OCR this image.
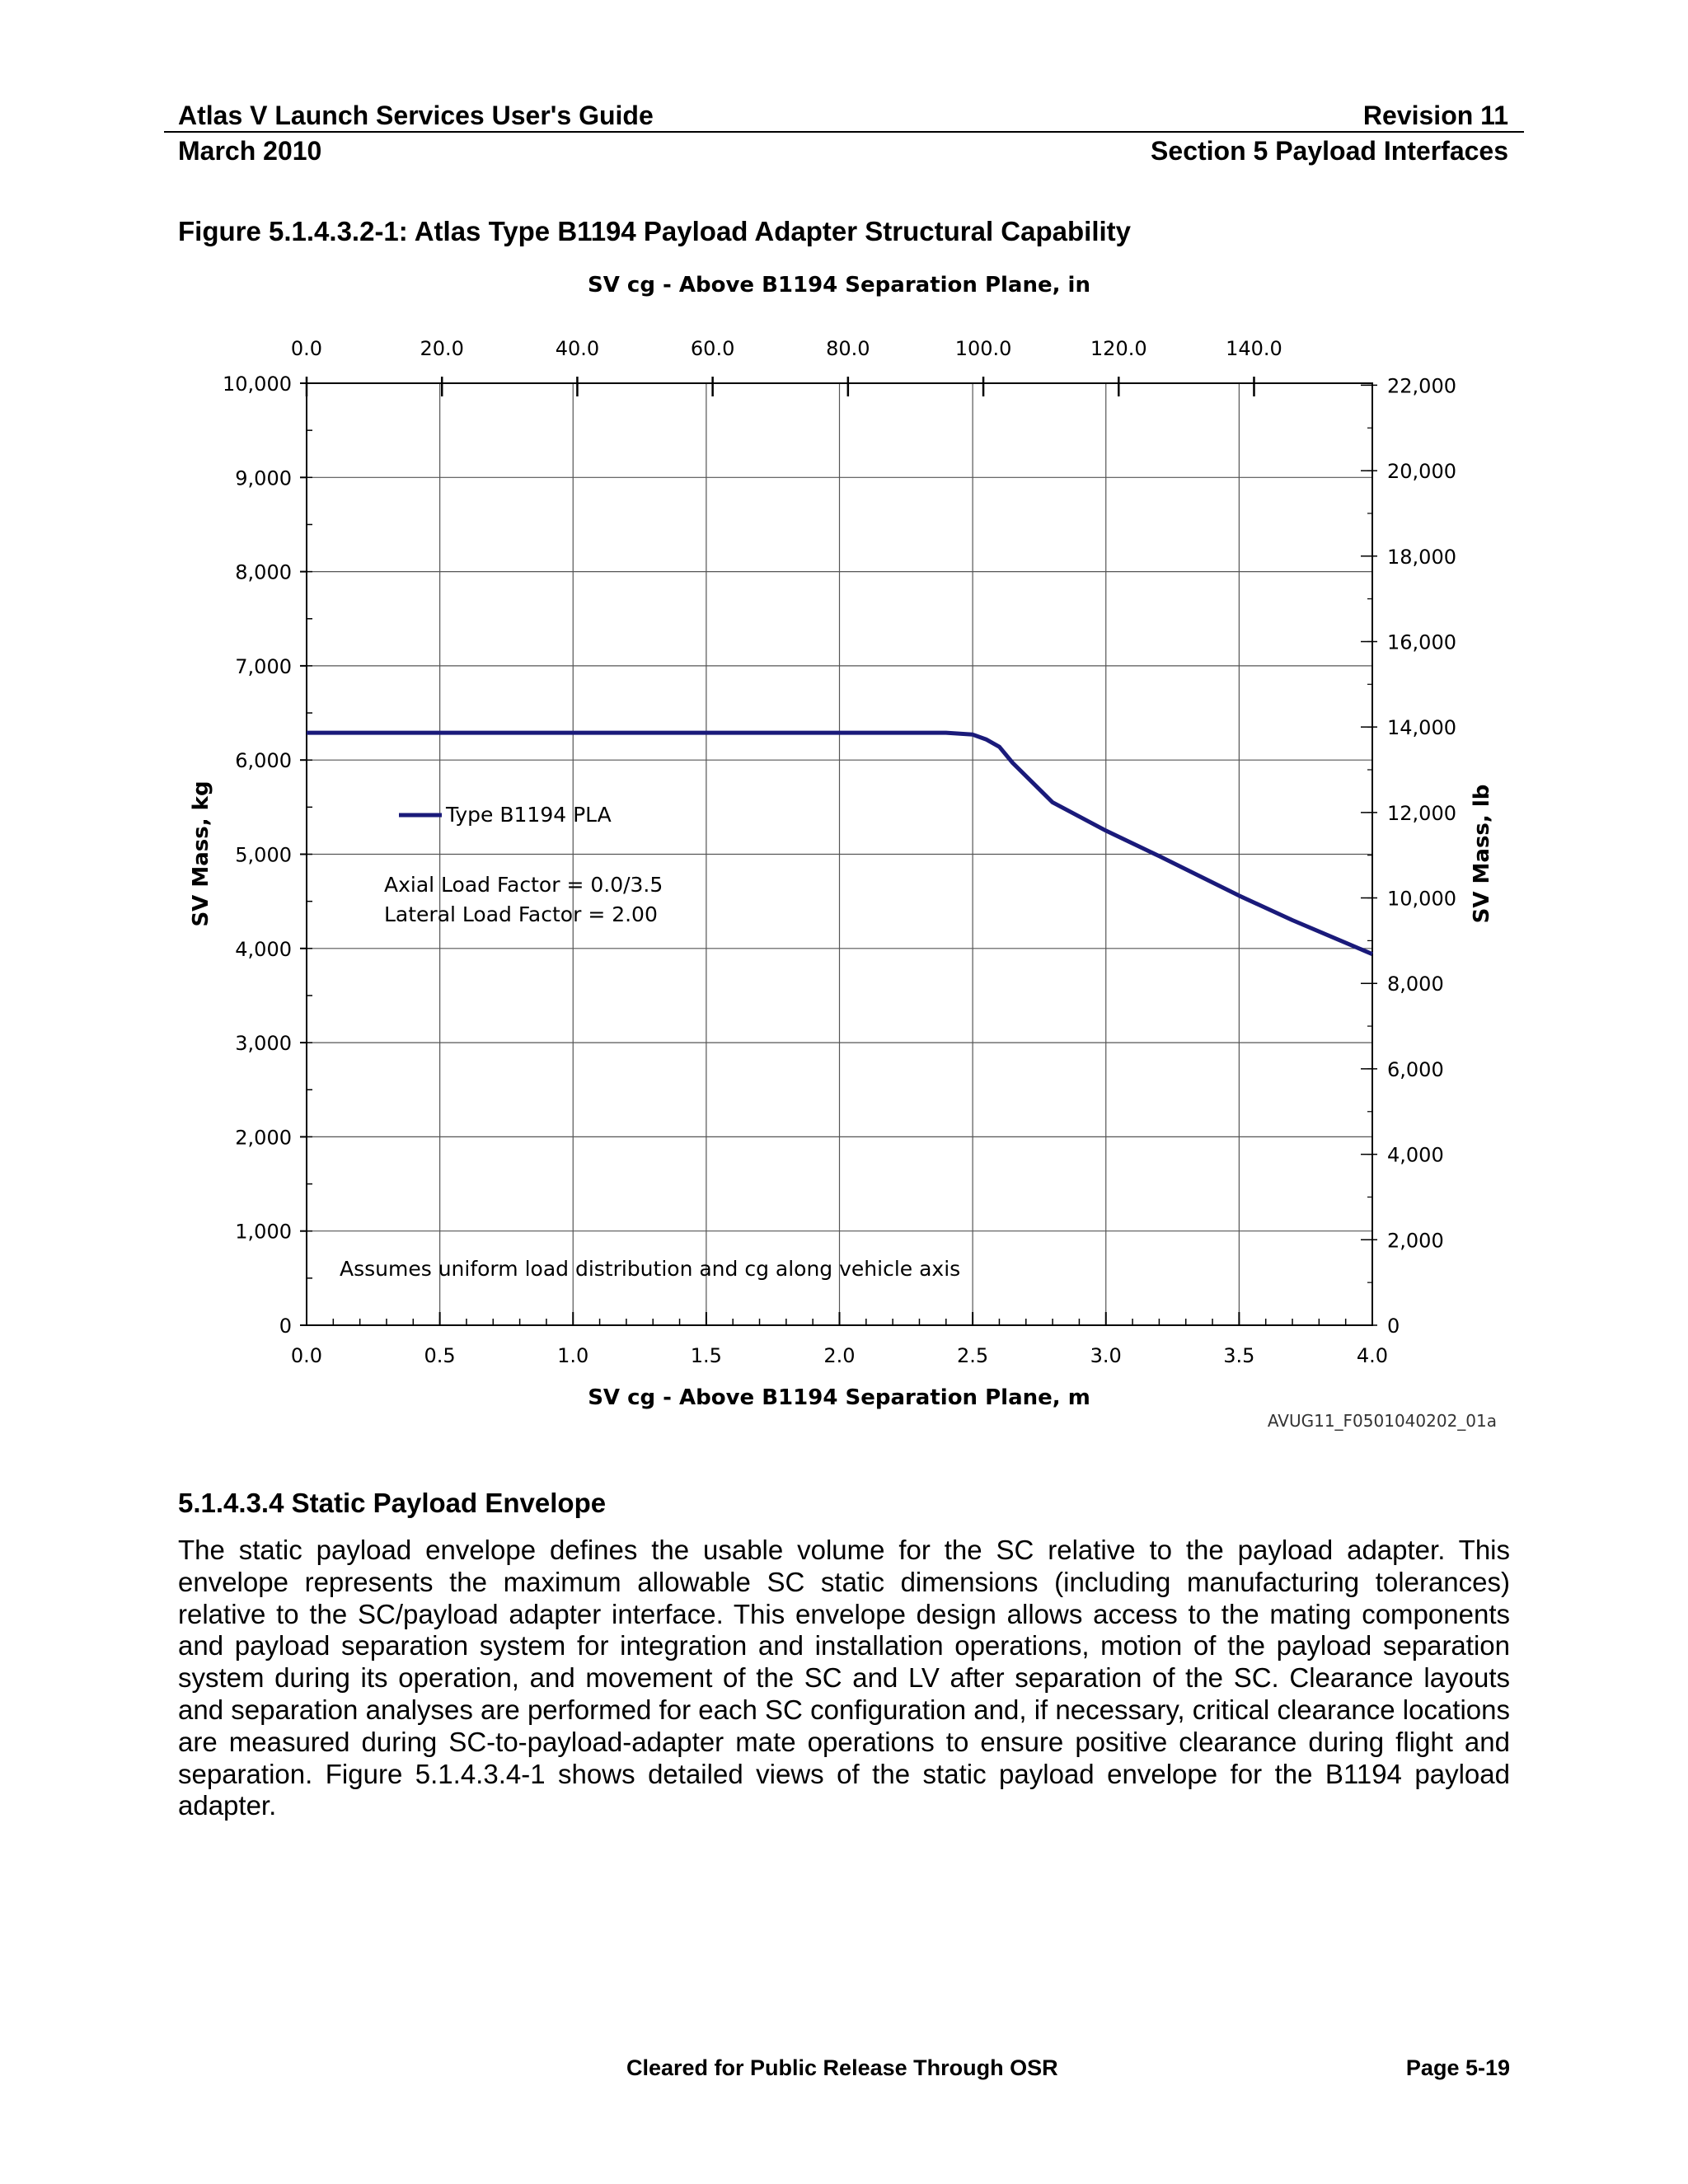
Atlas V Launch Services User's Guide	Revision 11
March 2010	Section 5 Payload Interfaces
Figure 5.1.4.3.2-1: Atlas Type B1194 Payload Adapter Structural Capability
0.0	0.5	1.0	1.5	2.0	2.5	3.0	3.5	4.0
0
1,000
2,000
3,000
4,000
5,000
6,000
7,000
8,000
9,000
10,000
0.0	20.0	40.0	60.0	80.0	100.0	120.0	140.0
0
2,000
4,000
6,000
8,000
10,000
12,000
14,000
16,000
18,000
20,000
22,000
SV cg - Above B1194 Separation Plane, in
SV cg - Above B1194 Separation Plane, m
SV Mass, kg	SV Mass, lb
Type B1194 PLA
Axial Load Factor = 0.0/3.5
Lateral Load Factor = 2.00
Assumes uniform load distribution and cg along vehicle axis
AVUG11_F0501040202_01a
5.1.4.3.4 Static Payload Envelope
The static payload envelope defines the usable volume for the SC relative to the payload adapter. This envelope represents the maximum allowable SC static dimensions (including manufacturing tolerances) relative to the SC/payload adapter interface. This envelope design allows access to the mating components and payload separation system for integration and installation operations, motion of the payload separation system during its operation, and movement of the SC and LV after separation of the SC. Clearance layouts and separation analyses are performed for each SC configuration and, if necessary, critical clearance locations are measured during SC-to-payload-adapter mate operations to ensure positive clearance during flight and separation. Figure 5.1.4.3.4-1 shows detailed views of the static payload envelope for the B1194 payload adapter.
Cleared for Public Release Through OSR	Page 5-19
